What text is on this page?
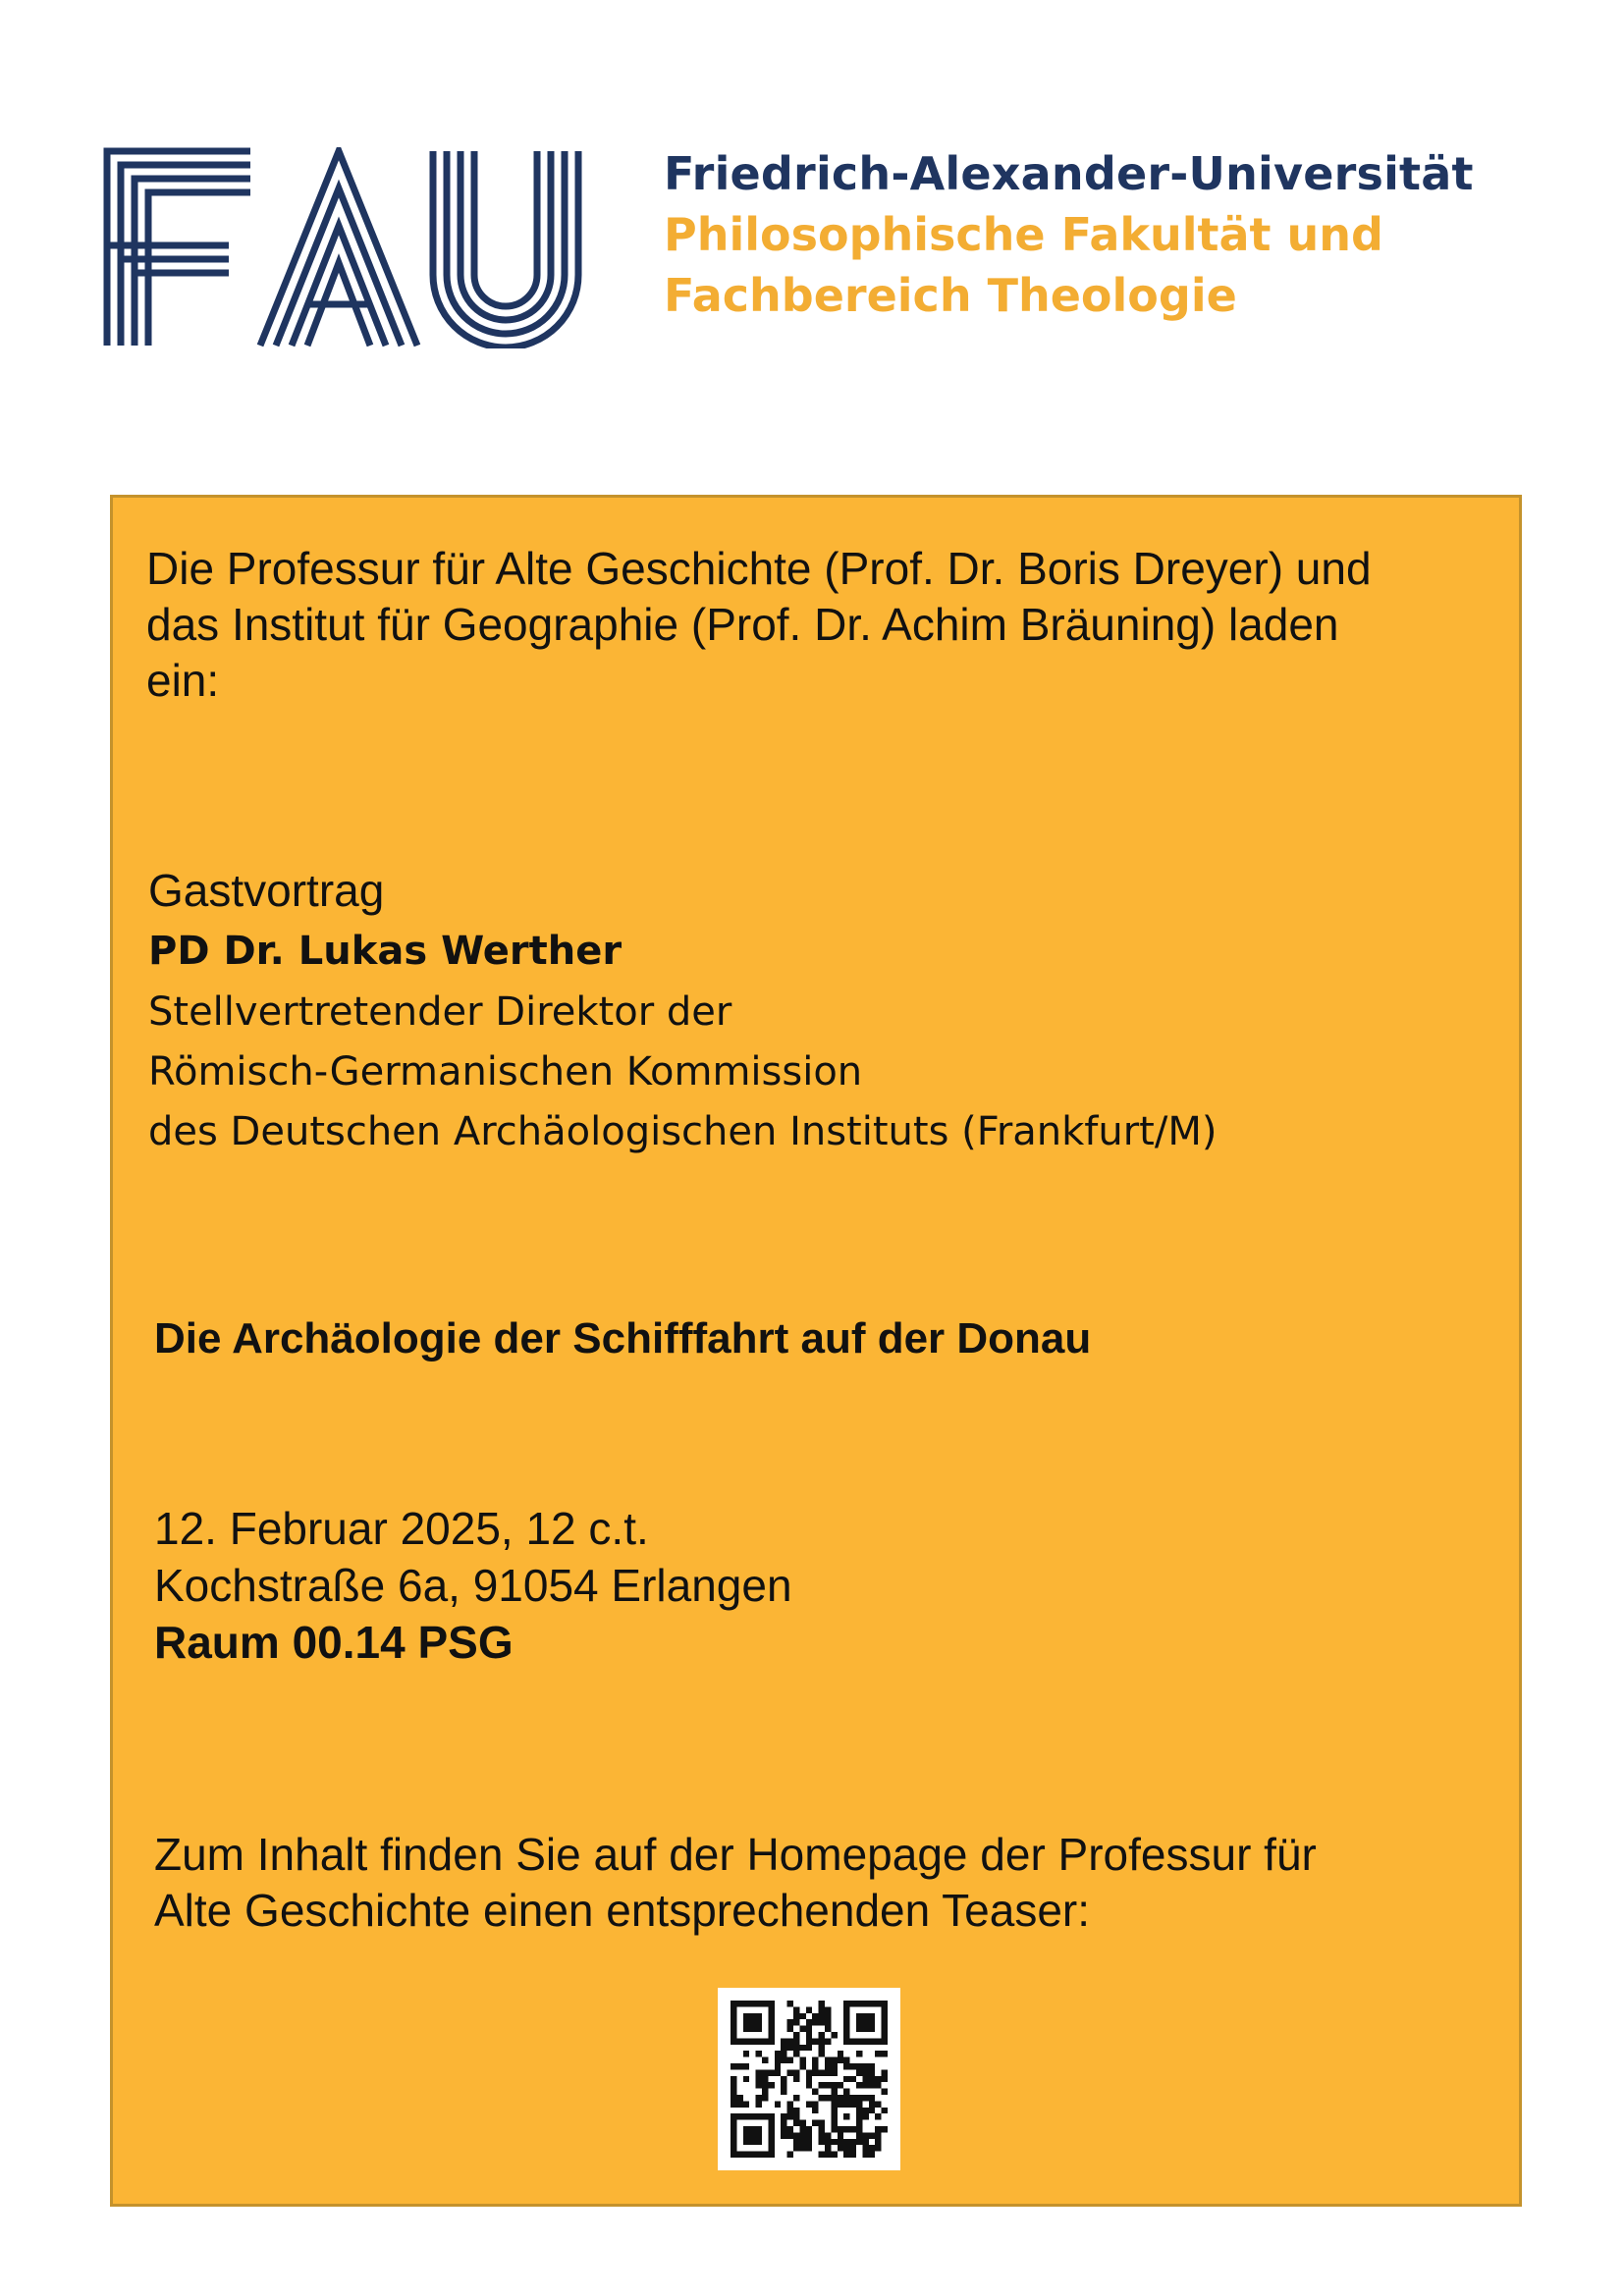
Friedrich-Alexander-Universität
Philosophische Fakultät und
Fachbereich Theologie
Die Professur für Alte Geschichte (Prof. Dr. Boris Dreyer) und
das Institut für Geographie (Prof. Dr. Achim Bräuning) laden
ein:
Gastvortrag
PD Dr. Lukas Werther
Stellvertretender Direktor der
Römisch-Germanischen Kommission
des Deutschen Archäologischen Instituts (Frankfurt/M)
Die Archäologie der Schifffahrt auf der Donau
12. Februar 2025, 12 c.t.
Kochstraße 6a, 91054 Erlangen
Raum 00.14 PSG
Zum Inhalt finden Sie auf der Homepage der Professur für
Alte Geschichte einen entsprechenden Teaser:
